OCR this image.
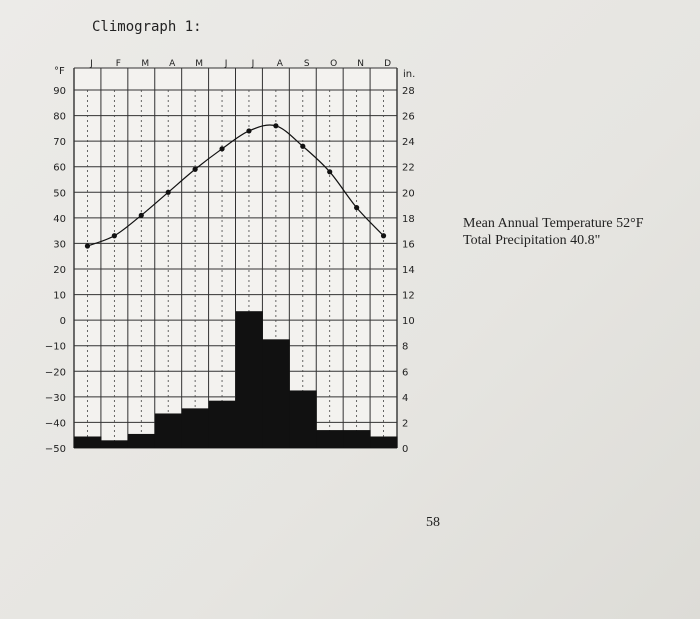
Climograph 1:
90
80
70
60
50
40
30
20
10
0
−10
−20
−30
−40
−50
28
26
24
22
20
18
16
14
12
10
8
6
4
2
0
°F	in.
J	F M A M J	J	A S O N D
Mean Annual Temperature 52°F
Total Precipitation 40.8"
58
